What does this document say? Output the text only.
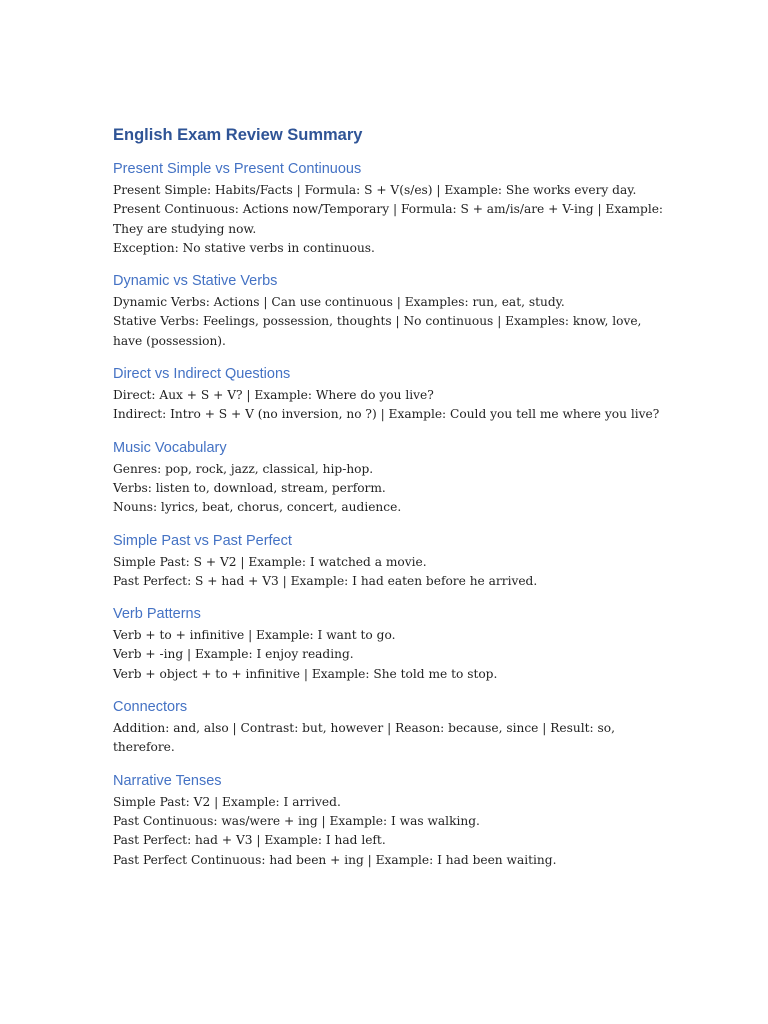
English Exam Review Summary
Present Simple vs Present Continuous

Present Simple: Habits/Facts | Formula: S + V(s/es) | Example: She works every day.

Present Continuous: Actions now/Temporary | Formula: S + am/is/are + V-ing | Example: They are studying now.

Exception: No stative verbs in continuous.

Dynamic vs Stative Verbs

Dynamic Verbs: Actions | Can use continuous | Examples: run, eat, study.

Stative Verbs: Feelings, possession, thoughts | No continuous | Examples: know, love, have (possession).

Direct vs Indirect Questions

Direct: Aux + S + V? | Example: Where do you live?

Indirect: Intro + S + V (no inversion, no ?) | Example: Could you tell me where you live?

Music Vocabulary

Genres: pop, rock, jazz, classical, hip-hop.

Verbs: listen to, download, stream, perform.

Nouns: lyrics, beat, chorus, concert, audience.

Simple Past vs Past Perfect

Simple Past: S + V2 | Example: I watched a movie.

Past Perfect: S + had + V3 | Example: I had eaten before he arrived.

Verb Patterns

Verb + to + infinitive | Example: I want to go.

Verb + -ing | Example: I enjoy reading.

Verb + object + to + infinitive | Example: She told me to stop.

Connectors

Addition: and, also | Contrast: but, however | Reason: because, since | Result: so, therefore.

Narrative Tenses

Simple Past: V2 | Example: I arrived.

Past Continuous: was/were + ing | Example: I was walking.

Past Perfect: had + V3 | Example: I had left.

Past Perfect Continuous: had been + ing | Example: I had been waiting.
